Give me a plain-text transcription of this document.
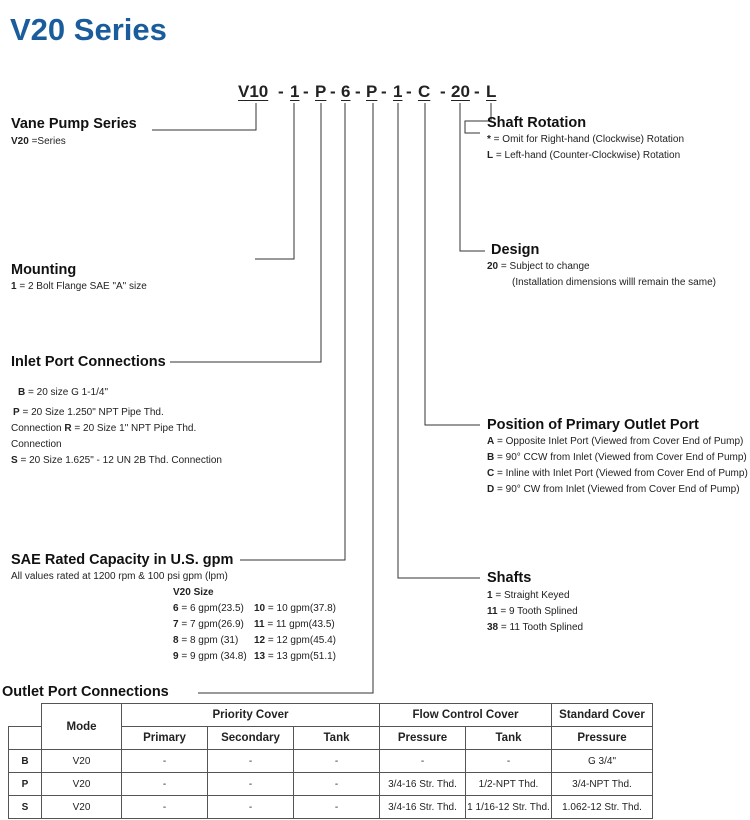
V20 Series
V10 - 1 - P - 6 - P - 1 - C - 20 - L
Vane Pump Series
V20 =Series
Mounting
1 = 2 Bolt Flange SAE "A" size
Inlet Port Connections
B = 20 size G 1-1/4"
P = 20 Size 1.250" NPT Pipe Thd.
Connection R = 20 Size 1" NPT Pipe Thd.
Connection
S = 20 Size 1.625" - 12 UN 2B Thd. Connection
SAE Rated Capacity in U.S. gpm
All values rated at 1200 rpm & 100 psi gpm (lpm)
V20 Size
6 = 6 gpm(23.5)
7 = 7 gpm(26.9)
8 = 8 gpm (31)
9 = 9 gpm (34.8)
10 = 10 gpm(37.8)
11 = 11 gpm(43.5)
12 = 12 gpm(45.4)
13 = 13 gpm(51.1)
Outlet Port Connections
Shaft Rotation
* = Omit for Right-hand (Clockwise) Rotation
L = Left-hand (Counter-Clockwise) Rotation
Design
20 = Subject to change
(Installation dimensions willl remain the same)
Position of Primary Outlet Port
A = Opposite Inlet Port (Viewed from Cover End of Pump)
B = 90° CCW from Inlet (Viewed from Cover End of Pump)
C = Inline with Inlet Port (Viewed from Cover End of Pump)
D = 90° CW from Inlet (Viewed from Cover End of Pump)
Shafts
1 = Straight Keyed
11 = 9 Tooth Splined
38 = 11 Tooth Splined
	Mode	Priority Cover			Flow Control Cover		Standard Cover
		Primary	Secondary	Tank	Pressure	Tank	Pressure
B	V20	-	-	-	-	-	G 3/4"
P	V20	-	-	-	3/4-16 Str. Thd.	1/2-NPT Thd.	3/4-NPT Thd.
S	V20	-	-	-	3/4-16 Str. Thd.	1 1/16-12 Str. Thd.	1.062-12 Str. Thd.
